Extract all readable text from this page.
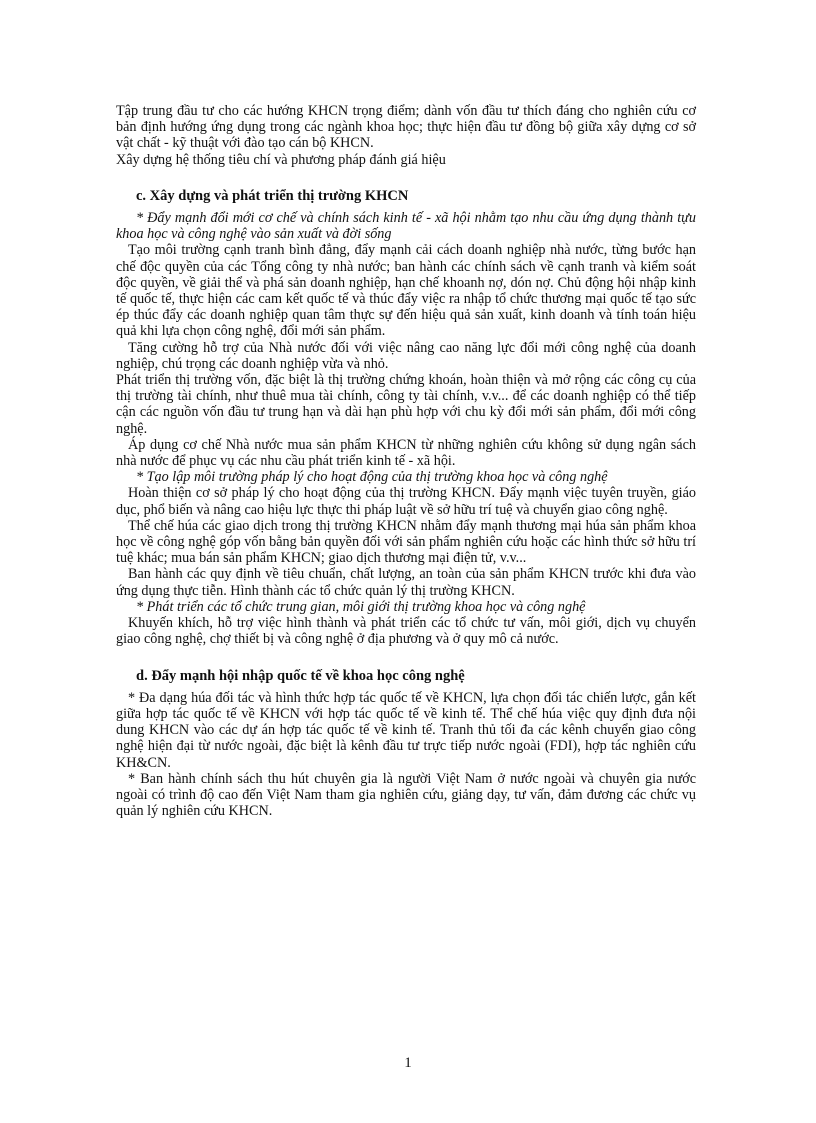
Tập trung đầu tư cho các hướng KHCN trọng điểm; dành vốn đầu tư thích đáng cho nghiên cứu cơ bản định hướng ứng dụng trong các ngành khoa học; thực hiện đầu tư đồng bộ giữa xây dựng cơ sở vật chất - kỹ thuật với đào tạo cán bộ KHCN.

Xây dựng hệ thống tiêu chí và phương pháp đánh giá hiệu

c. Xây dựng và phát triển thị trường KHCN

* Đẩy mạnh đổi mới cơ chế và chính sách kinh tế - xã hội nhằm tạo nhu cầu ứng dụng thành tựu khoa học và công nghệ vào sản xuất và đời sống

Tạo môi trường cạnh tranh bình đẳng, đẩy mạnh cải cách doanh nghiệp nhà nước, từng bước hạn chế độc quyền của các Tổng công ty nhà nước; ban hành các chính sách về cạnh tranh và kiểm soát độc quyền, về giải thể và phá sản doanh nghiệp, hạn chế khoanh nợ, dón nợ. Chủ động hội nhập kinh tế quốc tế, thực hiện các cam kết quốc tế và thúc đẩy việc ra nhập tổ chức thương mại quốc tế tạo sức ép thúc đẩy các doanh nghiệp quan tâm thực sự đến hiệu quả sản xuất, kinh doanh và tính toán hiệu quả khi lựa chọn công nghệ, đổi mới sản phẩm.

Tăng cường hỗ trợ của Nhà nước đối với việc nâng cao năng lực đổi mới công nghệ của doanh nghiệp, chú trọng các doanh nghiệp vừa và nhỏ.

Phát triển thị trường vốn, đặc biệt là thị trường chứng khoán, hoàn thiện và mở rộng các công cụ của thị trường tài chính, như thuê mua tài chính, công ty tài chính, v.v... để các doanh nghiệp có thể tiếp cận các nguồn vốn đầu tư trung hạn và dài hạn phù hợp với chu kỳ đổi mới sản phẩm, đổi mới công nghệ.

Áp dụng cơ chế Nhà nước mua sản phẩm KHCN từ những nghiên cứu không sử dụng ngân sách nhà nước để phục vụ các nhu cầu phát triển kinh tế - xã hội.

* Tạo lập môi trường pháp lý cho hoạt động của thị trường khoa học và công nghệ

Hoàn thiện cơ sở pháp lý cho hoạt động của thị trường KHCN. Đẩy mạnh việc tuyên truyền, giáo dục, phổ biến và nâng cao hiệu lực thực thi pháp luật về sở hữu trí tuệ và chuyển giao công nghệ.

Thể chế húa các giao dịch trong thị trường KHCN nhằm đẩy mạnh thương mại húa sản phẩm khoa học về công nghệ góp vốn bằng bản quyền đối với sản phẩm nghiên cứu hoặc các hình thức sở hữu trí tuệ khác; mua bán sản phẩm KHCN; giao dịch thương mại điện tử, v.v...

Ban hành các quy định về tiêu chuẩn, chất lượng, an toàn của sản phẩm KHCN trước khi đưa vào ứng dụng thực tiễn. Hình thành các tổ chức quản lý thị trường KHCN.

* Phát triển các tổ chức trung gian, môi giới thị trường khoa học và công nghệ

Khuyến khích, hỗ trợ việc hình thành và phát triển các tổ chức tư vấn, môi giới, dịch vụ chuyển giao công nghệ, chợ thiết bị và công nghệ ở địa phương và ở quy mô cả nước.

d. Đẩy mạnh hội nhập quốc tế về khoa học công nghệ

* Đa dạng húa đối tác và hình thức hợp tác quốc tế về KHCN, lựa chọn đối tác chiến lược, gắn kết giữa hợp tác quốc tế về KHCN với hợp tác quốc tế về kinh tế. Thể chế húa việc quy định đưa nội dung KHCN vào các dự án hợp tác quốc tế về kinh tế. Tranh thủ tối đa các kênh chuyển giao công nghệ hiện đại từ nước ngoài, đặc biệt là kênh đầu tư trực tiếp nước ngoài (FDI), hợp tác nghiên cứu KH&CN.

* Ban hành chính sách thu hút chuyên gia là người Việt Nam ở nước ngoài và chuyên gia nước ngoài có trình độ cao đến Việt Nam tham gia nghiên cứu, giảng dạy, tư vấn, đảm đương các chức vụ quản lý nghiên cứu KHCN.

1
